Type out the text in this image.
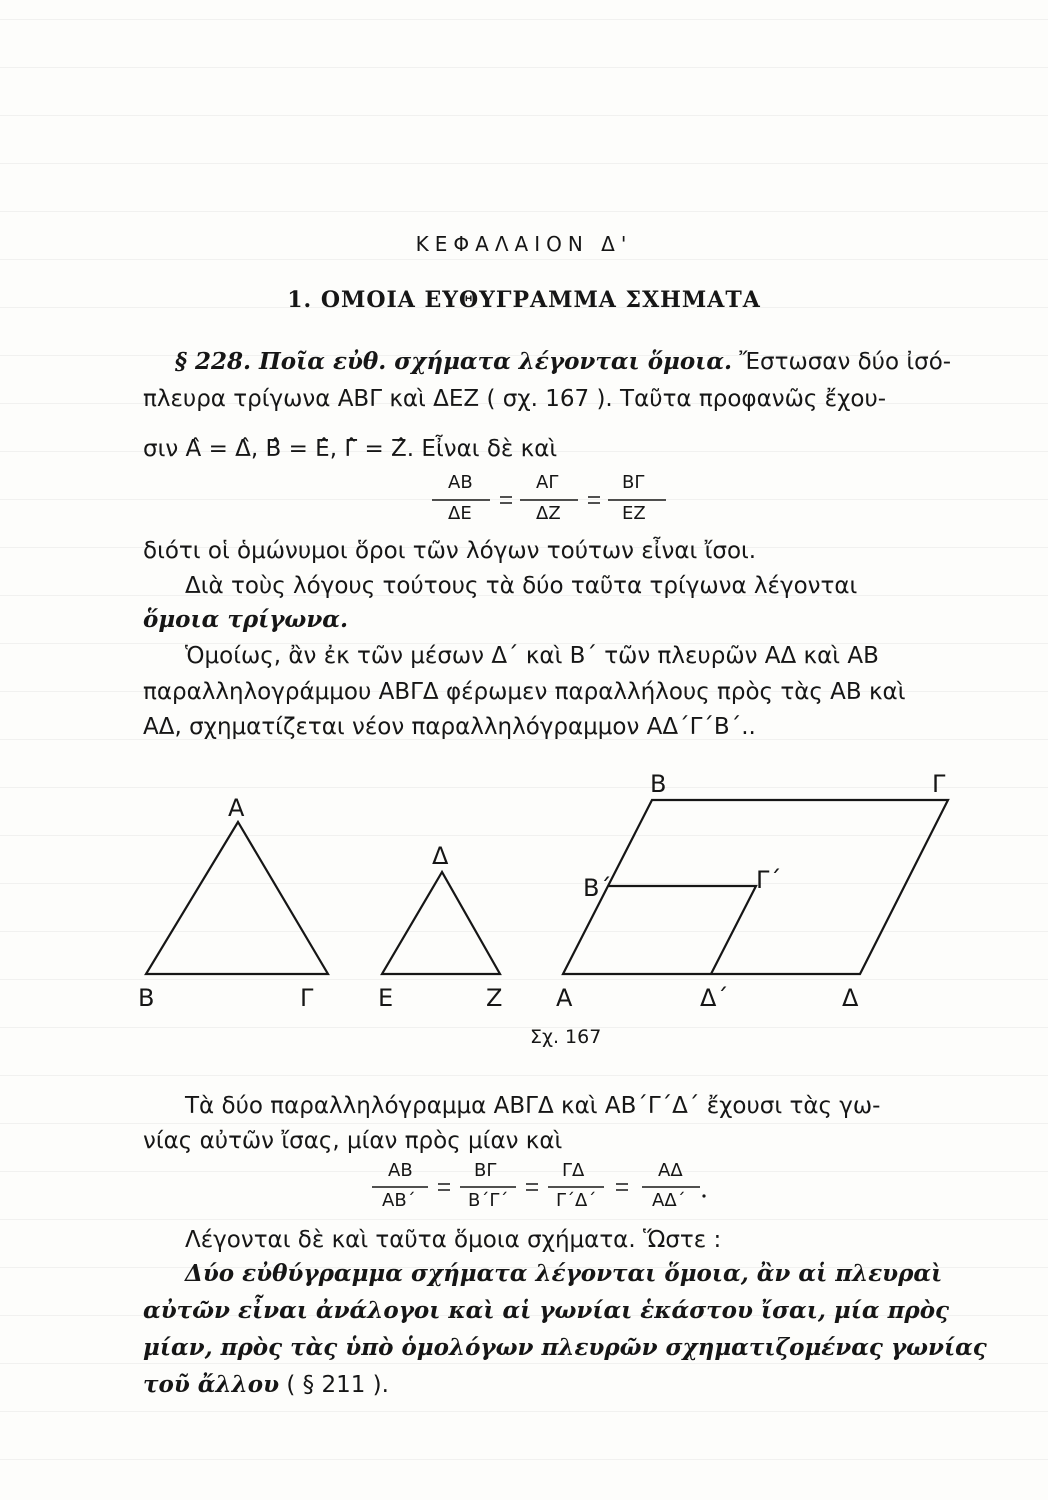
ΚΕΦΑΛΑΙΟΝ Δ'
1. ΟΜΟΙΑ ΕΥΘΥΓΡΑΜΜΑ ΣΧΗΜΑΤΑ
§ 228. Ποῖα εὐθ. σχήματα λέγονται ὅμοια. Ἔστωσαν δύο ἰσό-
πλευρα τρίγωνα ΑΒΓ καὶ ΔΕΖ ( σχ. 167 ). Ταῦτα προφανῶς ἔχου-
σιν Α̂ = Δ̂, Β̂ = Ε̂, Γ̂ = Ζ̂. Εἶναι δὲ καὶ
ΑΒ
ΔΕ
ΑΓ
ΔΖ
ΒΓ
ΕΖ
διότι οἱ ὁμώνυμοι ὅροι τῶν λόγων τούτων εἶναι ἴσοι.
Διὰ τοὺς λόγους τούτους τὰ δύο ταῦτα τρίγωνα λέγονται
ὅμοια τρίγωνα.
Ὁμοίως, ἂν ἐκ τῶν μέσων Δ΄ καὶ Β΄ τῶν πλευρῶν ΑΔ καὶ ΑΒ
παραλληλογράμμου ΑΒΓΔ φέρωμεν παραλλήλους πρὸς τὰς ΑΒ καὶ
ΑΔ, σχηματίζεται νέον παραλληλόγραμμον ΑΔ΄Γ΄Β΄..
Α
Β	Γ
Δ
Ε	Ζ Α
Β	Γ
Δ
Β΄	Γ΄
Δ΄
Σχ. 167
Τὰ δύο παραλληλόγραμμα ΑΒΓΔ καὶ ΑΒ΄Γ΄Δ΄ ἔχουσι τὰς γω-
νίας αὐτῶν ἴσας, μίαν πρὸς μίαν καὶ
ΑΒ
ΑΒ΄
ΒΓ
Β΄Γ΄
ΓΔ
Γ΄Δ΄
ΑΔ
ΑΔ΄
Λέγονται δὲ καὶ ταῦτα ὅμοια σχήματα. Ὥστε :
Δύο εὐθύγραμμα σχήματα λέγονται ὅμοια, ἂν αἱ πλευραὶ
αὐτῶν εἶναι ἀνάλογοι καὶ αἱ γωνίαι ἑκάστου ἴσαι, μία πρὸς
μίαν, πρὸς τὰς ὑπὸ ὁμολόγων πλευρῶν σχηματιζομένας γωνίας
τοῦ ἄλλου ( § 211 ).
